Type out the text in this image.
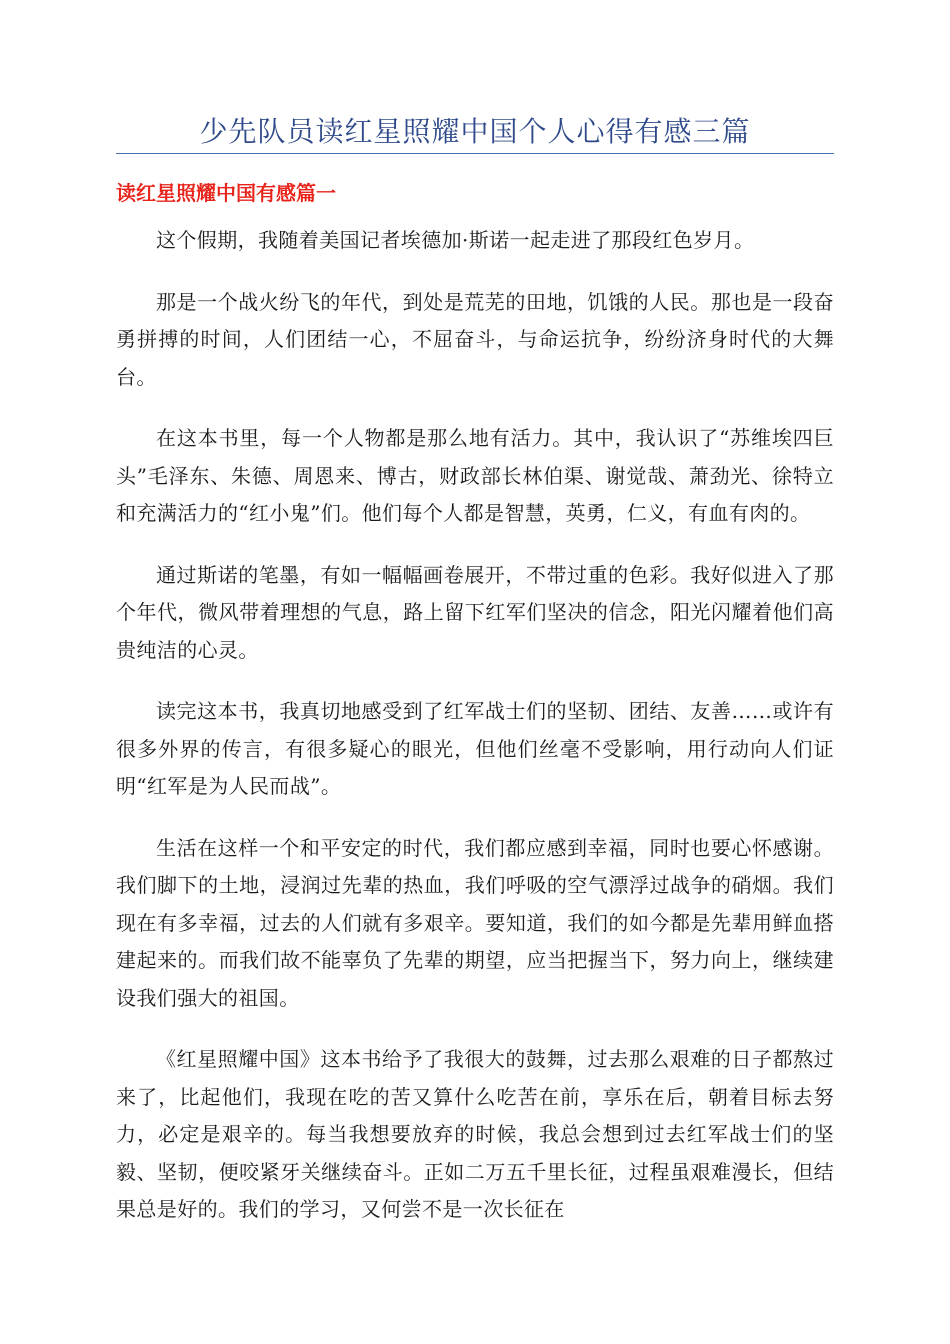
少先队员读红星照耀中国个人心得有感三篇
读红星照耀中国有感篇一

这个假期，我随着美国记者埃德加·斯诺一起走进了那段红色岁月。

那是一个战火纷飞的年代，到处是荒芜的田地，饥饿的人民。那也是一段奋勇拼搏的时间，人们团结一心，不屈奋斗，与命运抗争，纷纷济身时代的大舞台。

在这本书里，每一个人物都是那么地有活力。其中，我认识了“苏维埃四巨头”毛泽东、朱德、周恩来、博古，财政部长林伯渠、谢觉哉、萧劲光、徐特立和充满活力的“红小鬼”们。他们每个人都是智慧，英勇，仁义，有血有肉的。

通过斯诺的笔墨，有如一幅幅画卷展开，不带过重的色彩。我好似进入了那个年代，微风带着理想的气息，路上留下红军们坚决的信念，阳光闪耀着他们高贵纯洁的心灵。

读完这本书，我真切地感受到了红军战士们的坚韧、团结、友善……或许有很多外界的传言，有很多疑心的眼光，但他们丝毫不受影响，用行动向人们证明“红军是为人民而战”。

生活在这样一个和平安定的时代，我们都应感到幸福，同时也要心怀感谢。我们脚下的土地，浸润过先辈的热血，我们呼吸的空气漂浮过战争的硝烟。我们现在有多幸福，过去的人们就有多艰辛。要知道，我们的如今都是先辈用鲜血搭建起来的。而我们故不能辜负了先辈的期望，应当把握当下，努力向上，继续建设我们强大的祖国。

《红星照耀中国》这本书给予了我很大的鼓舞，过去那么艰难的日子都熬过来了，比起他们，我现在吃的苦又算什么吃苦在前，享乐在后，朝着目标去努力，必定是艰辛的。每当我想要放弃的时候，我总会想到过去红军战士们的坚毅、坚韧，便咬紧牙关继续奋斗。正如二万五千里长征，过程虽艰难漫长，但结果总是好的。我们的学习，又何尝不是一次长征在
